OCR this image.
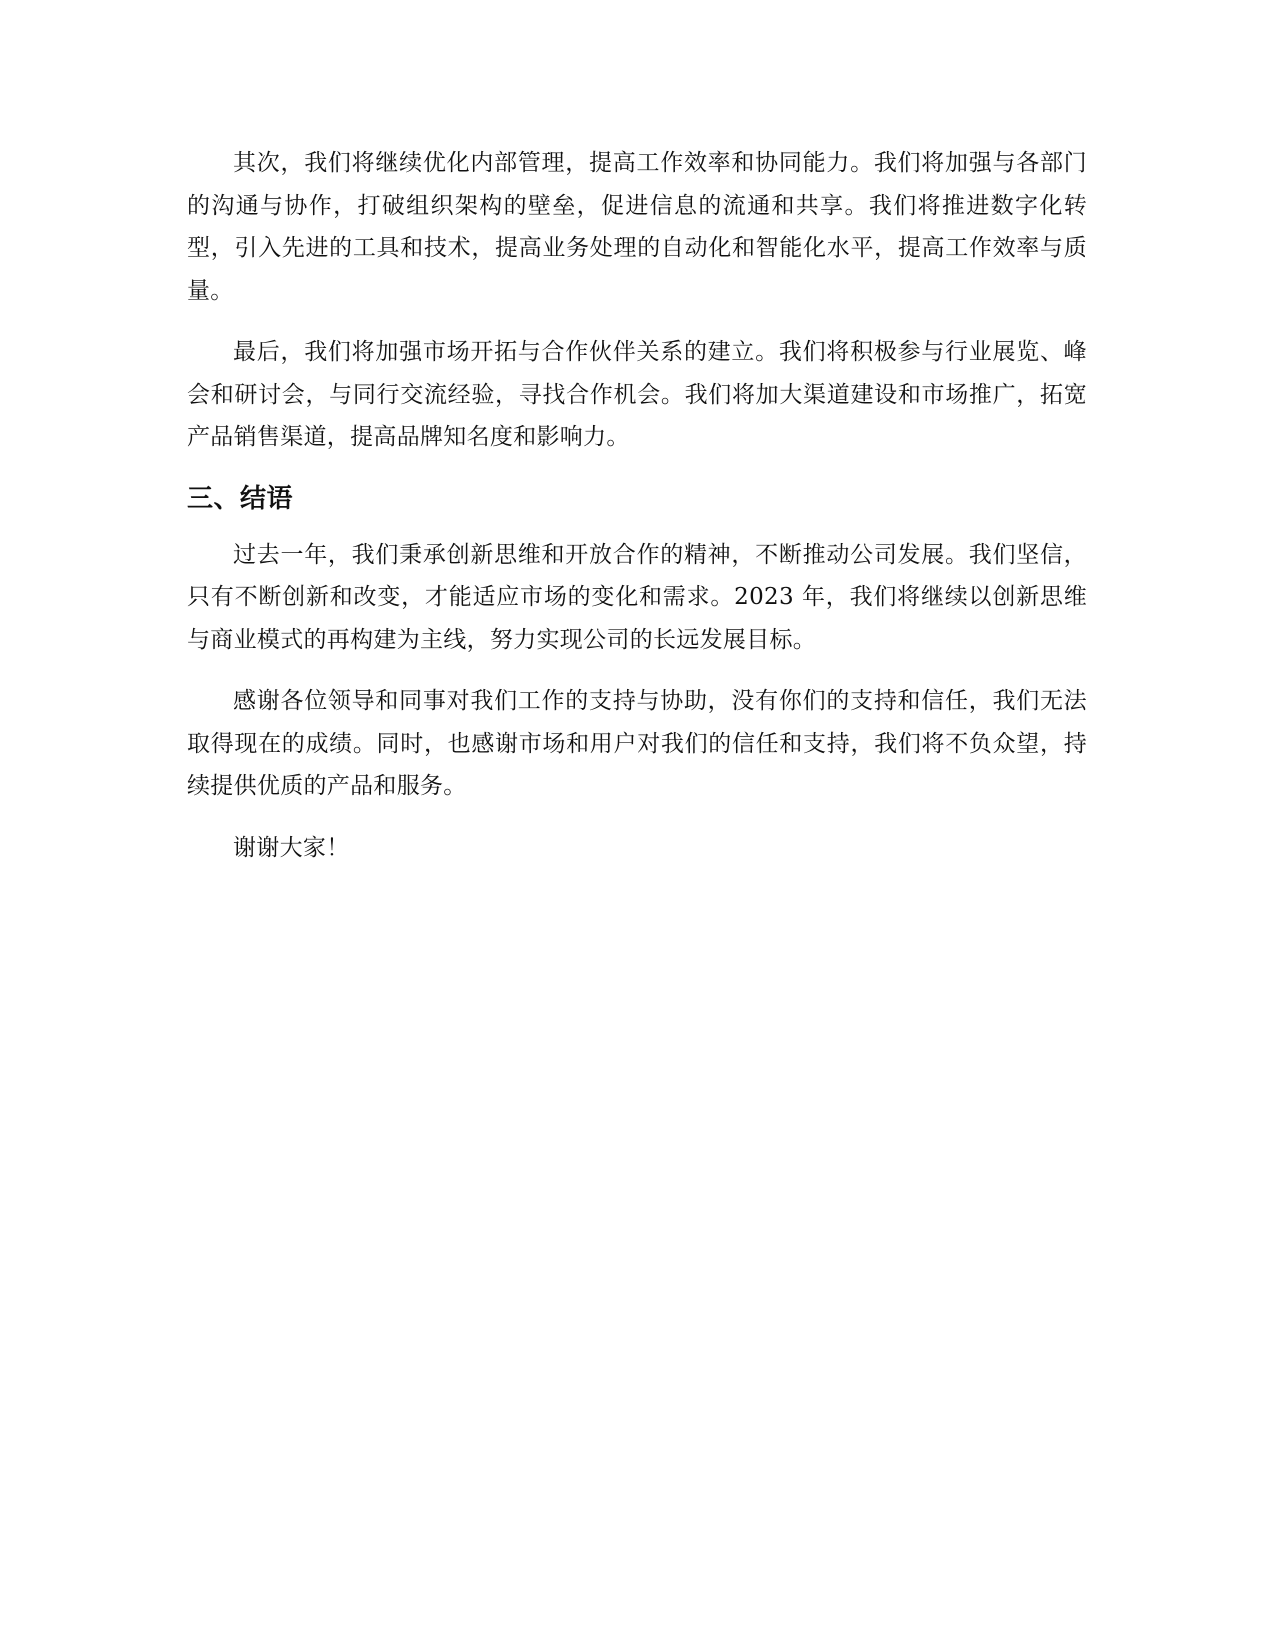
其次，我们将继续优化内部管理，提高工作效率和协同能力。我们将加强与各部门的沟通与协作，打破组织架构的壁垒，促进信息的流通和共享。我们将推进数字化转型，引入先进的工具和技术，提高业务处理的自动化和智能化水平，提高工作效率与质量。

最后，我们将加强市场开拓与合作伙伴关系的建立。我们将积极参与行业展览、峰会和研讨会，与同行交流经验，寻找合作机会。我们将加大渠道建设和市场推广，拓宽产品销售渠道，提高品牌知名度和影响力。

三、结语

过去一年，我们秉承创新思维和开放合作的精神，不断推动公司发展。我们坚信，只有不断创新和改变，才能适应市场的变化和需求。2023 年，我们将继续以创新思维与商业模式的再构建为主线，努力实现公司的长远发展目标。

感谢各位领导和同事对我们工作的支持与协助，没有你们的支持和信任，我们无法取得现在的成绩。同时，也感谢市场和用户对我们的信任和支持，我们将不负众望，持续提供优质的产品和服务。

谢谢大家！
